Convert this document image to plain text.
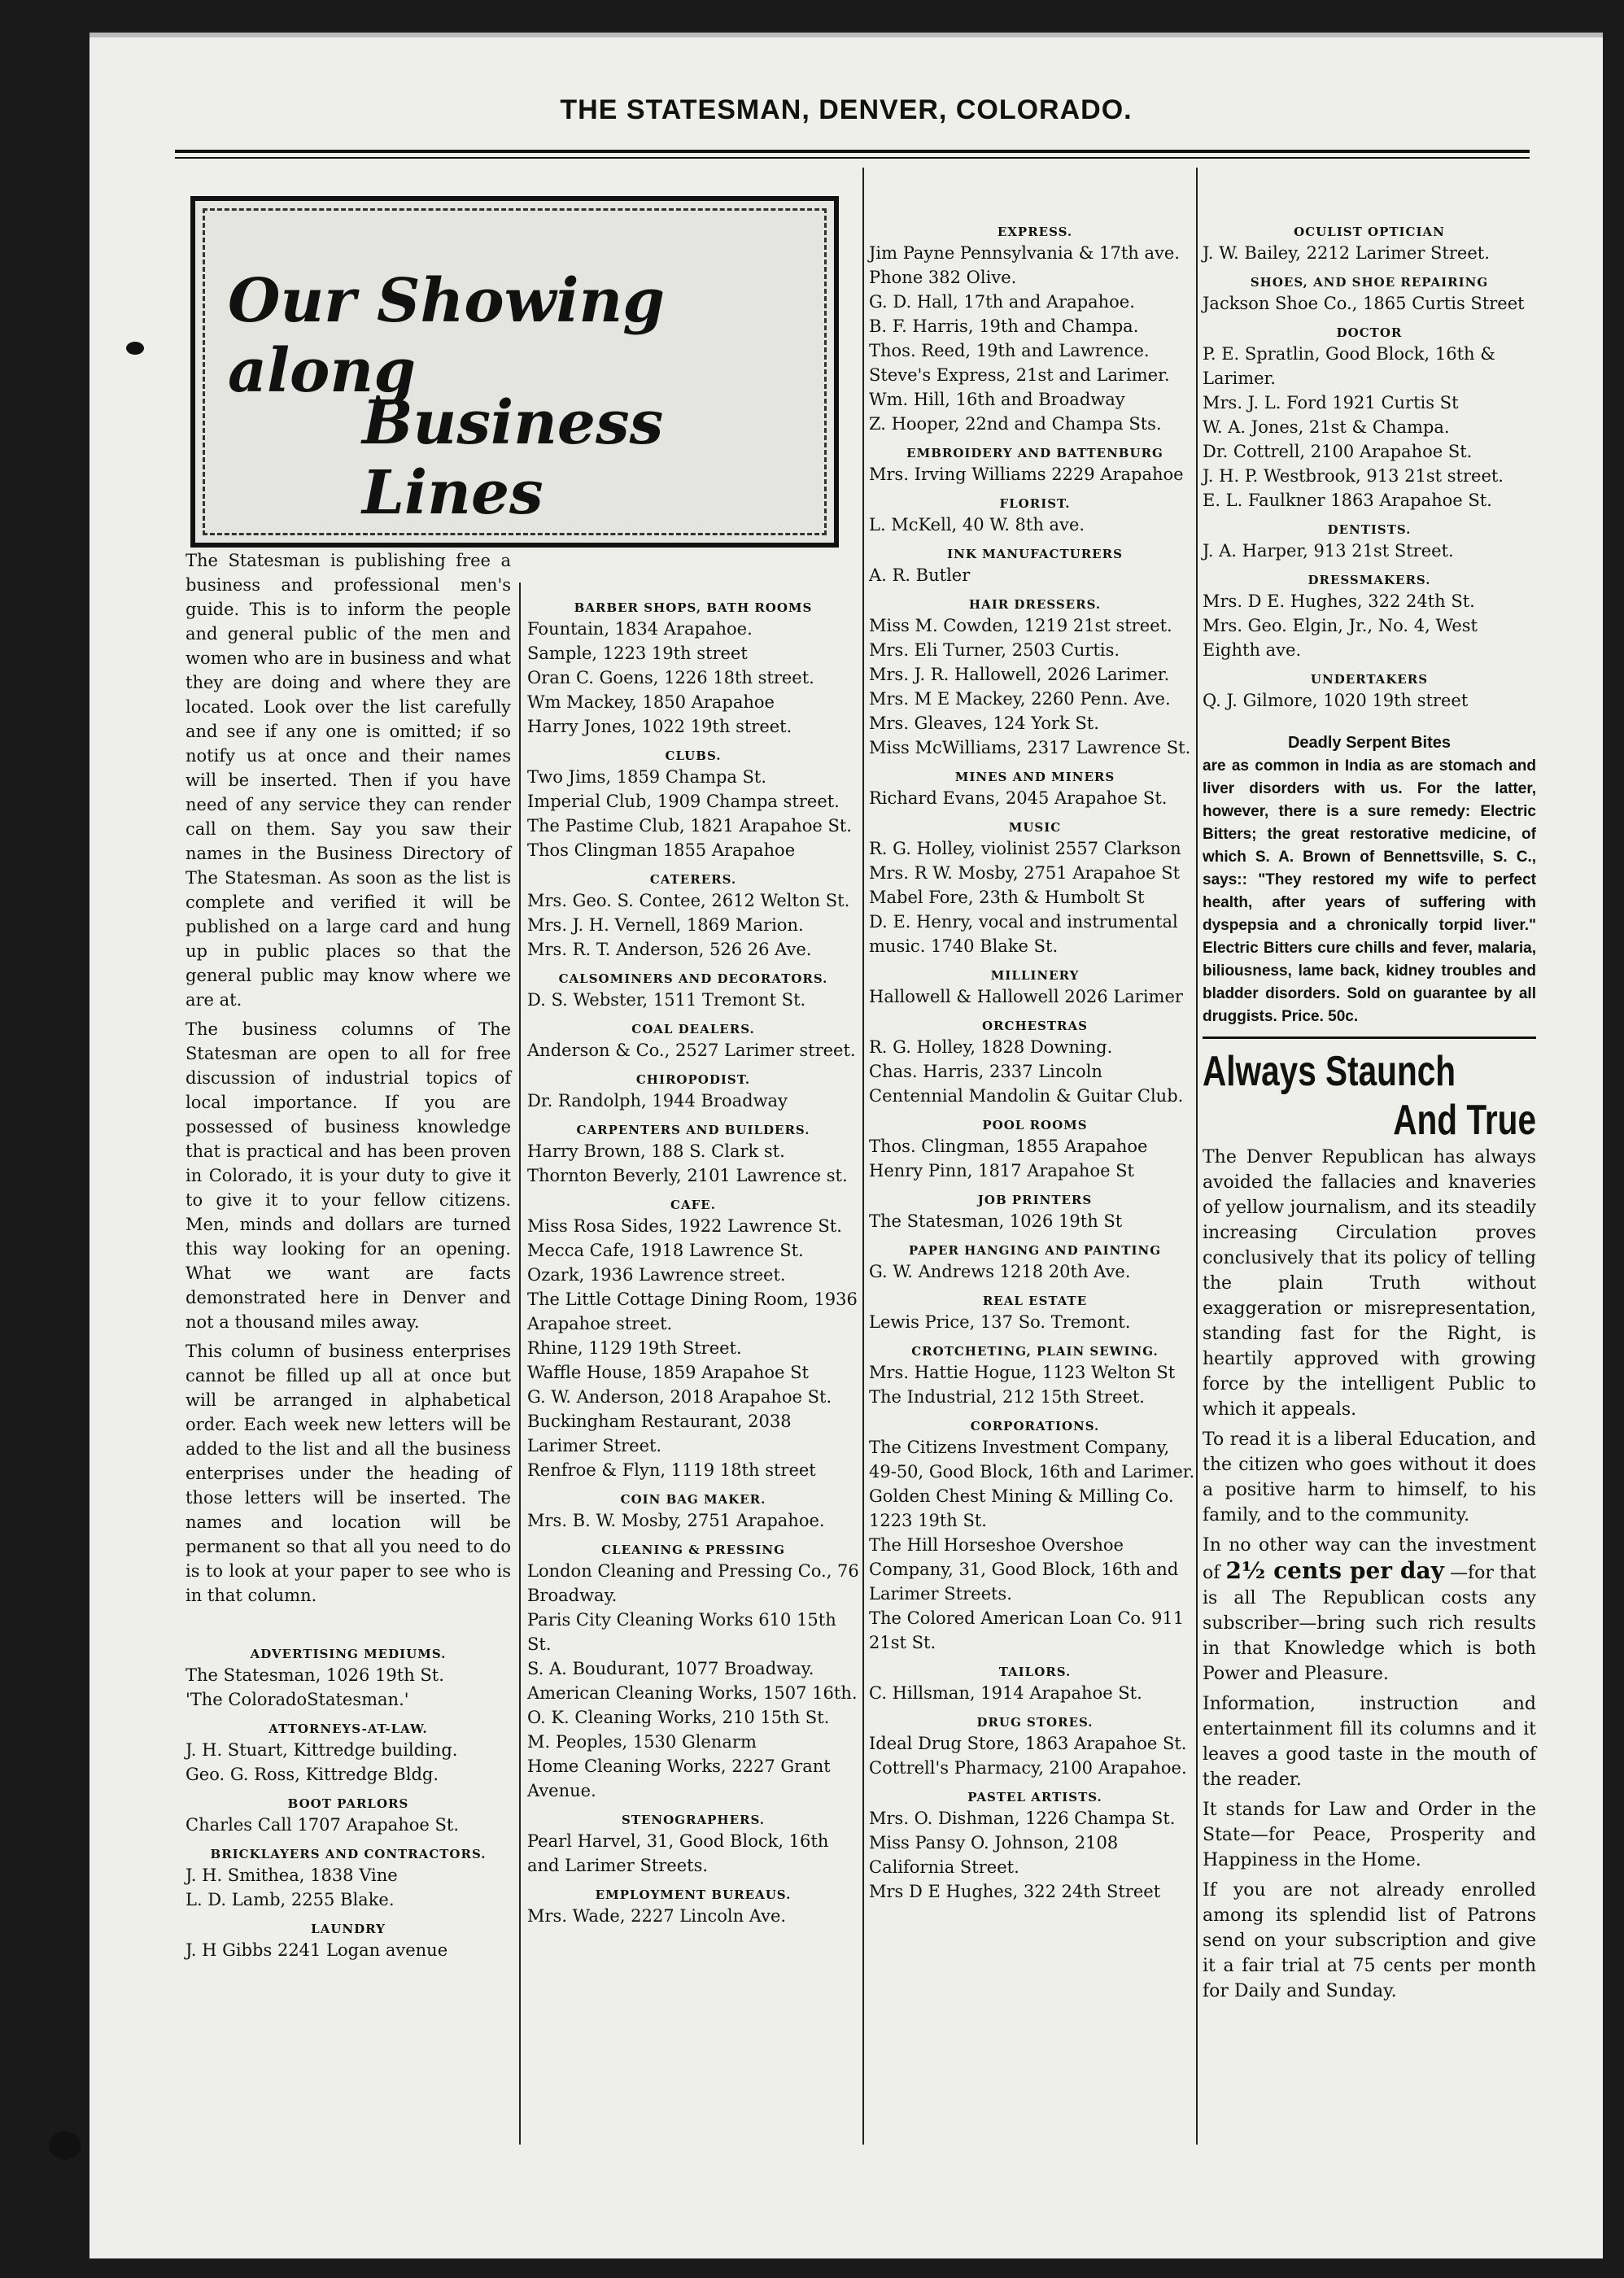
THE STATESMAN, DENVER, COLORADO.
Our Showing along
Business Lines

The Statesman is publishing free a business and professional men's guide. This is to inform the people and general public of the men and women who are in business and what they are doing and where they are located. Look over the list carefully and see if any one is omitted; if so notify us at once and their names will be inserted. Then if you have need of any service they can render call on them. Say you saw their names in the Business Directory of The Statesman. As soon as the list is complete and verified it will be published on a large card and hung up in public places so that the general public may know where we are at.

The business columns of The Statesman are open to all for free discussion of industrial topics of local importance. If you are possessed of business knowledge that is practical and has been proven in Colorado, it is your duty to give it to give it to your fellow citizens. Men, minds and dollars are turned this way looking for an opening. What we want are facts demonstrated here in Denver and not a thousand miles away.

This column of business enterprises cannot be filled up all at once but will be arranged in alphabetical order. Each week new letters will be added to the list and all the business enterprises under the heading of those letters will be inserted. The names and location will be permanent so that all you need to do is to look at your paper to see who is in that column.

ADVERTISING MEDIUMS.

The Statesman, 1026 19th St.

'The ColoradoStatesman.'

ATTORNEYS-AT-LAW.

J. H. Stuart, Kittredge building.

Geo. G. Ross, Kittredge Bldg.

BOOT PARLORS

Charles Call 1707 Arapahoe St.

BRICKLAYERS AND CONTRACTORS.

J. H. Smithea, 1838 Vine

L. D. Lamb, 2255 Blake.

LAUNDRY

J. H Gibbs 2241 Logan avenue

BARBER SHOPS, BATH ROOMS

Fountain, 1834 Arapahoe.

Sample, 1223 19th street

Oran C. Goens, 1226 18th street.

Wm Mackey, 1850 Arapahoe

Harry Jones, 1022 19th street.

CLUBS.

Two Jims, 1859 Champa St.

Imperial Club, 1909 Champa street.

The Pastime Club, 1821 Arapahoe St.

Thos Clingman 1855 Arapahoe

CATERERS.

Mrs. Geo. S. Contee, 2612 Welton St.

Mrs. J. H. Vernell, 1869 Marion.

Mrs. R. T. Anderson, 526 26 Ave.

CALSOMINERS AND DECORATORS.

D. S. Webster, 1511 Tremont St.

COAL DEALERS.

Anderson & Co., 2527 Larimer street.

CHIROPODIST.

Dr. Randolph, 1944 Broadway

CARPENTERS AND BUILDERS.

Harry Brown, 188 S. Clark st.

Thornton Beverly, 2101 Lawrence st.

CAFE.

Miss Rosa Sides, 1922 Lawrence St.

Mecca Cafe, 1918 Lawrence St.

Ozark, 1936 Lawrence street.

The Little Cottage Dining Room, 1936 Arapahoe street.

Rhine, 1129 19th Street.

Waffle House, 1859 Arapahoe St

G. W. Anderson, 2018 Arapahoe St.

Buckingham Restaurant, 2038 Larimer Street.

Renfroe & Flyn, 1119 18th street

COIN BAG MAKER.

Mrs. B. W. Mosby, 2751 Arapahoe.

CLEANING & PRESSING

London Cleaning and Pressing Co., 76 Broadway.

Paris City Cleaning Works 610 15th St.

S. A. Boudurant, 1077 Broadway.

American Cleaning Works, 1507 16th.

O. K. Cleaning Works, 210 15th St.

M. Peoples, 1530 Glenarm

Home Cleaning Works, 2227 Grant Avenue.

STENOGRAPHERS.

Pearl Harvel, 31, Good Block, 16th and Larimer Streets.

EMPLOYMENT BUREAUS.

Mrs. Wade, 2227 Lincoln Ave.

EXPRESS.

Jim Payne Pennsylvania & 17th ave. Phone 382 Olive.

G. D. Hall, 17th and Arapahoe.

B. F. Harris, 19th and Champa.

Thos. Reed, 19th and Lawrence.

Steve's Express, 21st and Larimer.

Wm. Hill, 16th and Broadway

Z. Hooper, 22nd and Champa Sts.

EMBROIDERY AND BATTENBURG

Mrs. Irving Williams 2229 Arapahoe

FLORIST.

L. McKell, 40 W. 8th ave.

INK MANUFACTURERS

A. R. Butler

HAIR DRESSERS.

Miss M. Cowden, 1219 21st street.

Mrs. Eli Turner, 2503 Curtis.

Mrs. J. R. Hallowell, 2026 Larimer.

Mrs. M E Mackey, 2260 Penn. Ave.

Mrs. Gleaves, 124 York St.

Miss McWilliams, 2317 Lawrence St.

MINES AND MINERS

Richard Evans, 2045 Arapahoe St.

MUSIC

R. G. Holley, violinist 2557 Clarkson

Mrs. R W. Mosby, 2751 Arapahoe St

Mabel Fore, 23th & Humbolt St

D. E. Henry, vocal and instrumental music. 1740 Blake St.

MILLINERY

Hallowell & Hallowell 2026 Larimer

ORCHESTRAS

R. G. Holley, 1828 Downing.

Chas. Harris, 2337 Lincoln

Centennial Mandolin & Guitar Club.

POOL ROOMS

Thos. Clingman, 1855 Arapahoe

Henry Pinn, 1817 Arapahoe St

JOB PRINTERS

The Statesman, 1026 19th St

PAPER HANGING AND PAINTING

G. W. Andrews 1218 20th Ave.

REAL ESTATE

Lewis Price, 137 So. Tremont.

CROTCHETING, PLAIN SEWING.

Mrs. Hattie Hogue, 1123 Welton St

The Industrial, 212 15th Street.

CORPORATIONS.

The Citizens Investment Company, 49-50, Good Block, 16th and Larimer.

Golden Chest Mining & Milling Co. 1223 19th St.

The Hill Horseshoe Overshoe Company, 31, Good Block, 16th and Larimer Streets.

The Colored American Loan Co. 911 21st St.

TAILORS.

C. Hillsman, 1914 Arapahoe St.

DRUG STORES.

Ideal Drug Store, 1863 Arapahoe St.

Cottrell's Pharmacy, 2100 Arapahoe.

PASTEL ARTISTS.

Mrs. O. Dishman, 1226 Champa St.

Miss Pansy O. Johnson, 2108 California Street.

Mrs D E Hughes, 322 24th Street

OCULIST OPTICIAN

J. W. Bailey, 2212 Larimer Street.

SHOES, AND SHOE REPAIRING

Jackson Shoe Co., 1865 Curtis Street

DOCTOR

P. E. Spratlin, Good Block, 16th & Larimer.

Mrs. J. L. Ford 1921 Curtis St

W. A. Jones, 21st & Champa.

Dr. Cottrell, 2100 Arapahoe St.

J. H. P. Westbrook, 913 21st street.

E. L. Faulkner 1863 Arapahoe St.

DENTISTS.

J. A. Harper, 913 21st Street.

DRESSMAKERS.

Mrs. D E. Hughes, 322 24th St.

Mrs. Geo. Elgin, Jr., No. 4, West Eighth ave.

UNDERTAKERS

Q. J. Gilmore, 1020 19th street

Deadly Serpent Bites
are as common in India as are stomach and liver disorders with us. For the latter, however, there is a sure remedy: Electric Bitters; the great restorative medicine, of which S. A. Brown of Bennettsville, S. C., says:: "They restored my wife to perfect health, after years of suffering with dyspepsia and a chronically torpid liver." Electric Bitters cure chills and fever, malaria, biliousness, lame back, kidney troubles and bladder disorders. Sold on guarantee by all druggists. Price. 50c.
Always Staunch
And True

The Denver Republican has always avoided the fallacies and knaveries of yellow journalism, and its steadily increasing Circulation proves conclusively that its policy of telling the plain Truth without exaggeration or misrepresentation, standing fast for the Right, is heartily approved with growing force by the intelligent Public to which it appeals.

To read it is a liberal Education, and the citizen who goes without it does a positive harm to himself, to his family, and to the community.

In no other way can the investment of 2½ cents per day —for that is all The Republican costs any subscriber—bring such rich results in that Knowledge which is both Power and Pleasure.

Information, instruction and entertainment fill its columns and it leaves a good taste in the mouth of the reader.

It stands for Law and Order in the State—for Peace, Prosperity and Happiness in the Home.

If you are not already enrolled among its splendid list of Patrons send on your subscription and give it a fair trial at 75 cents per month for Daily and Sunday.
